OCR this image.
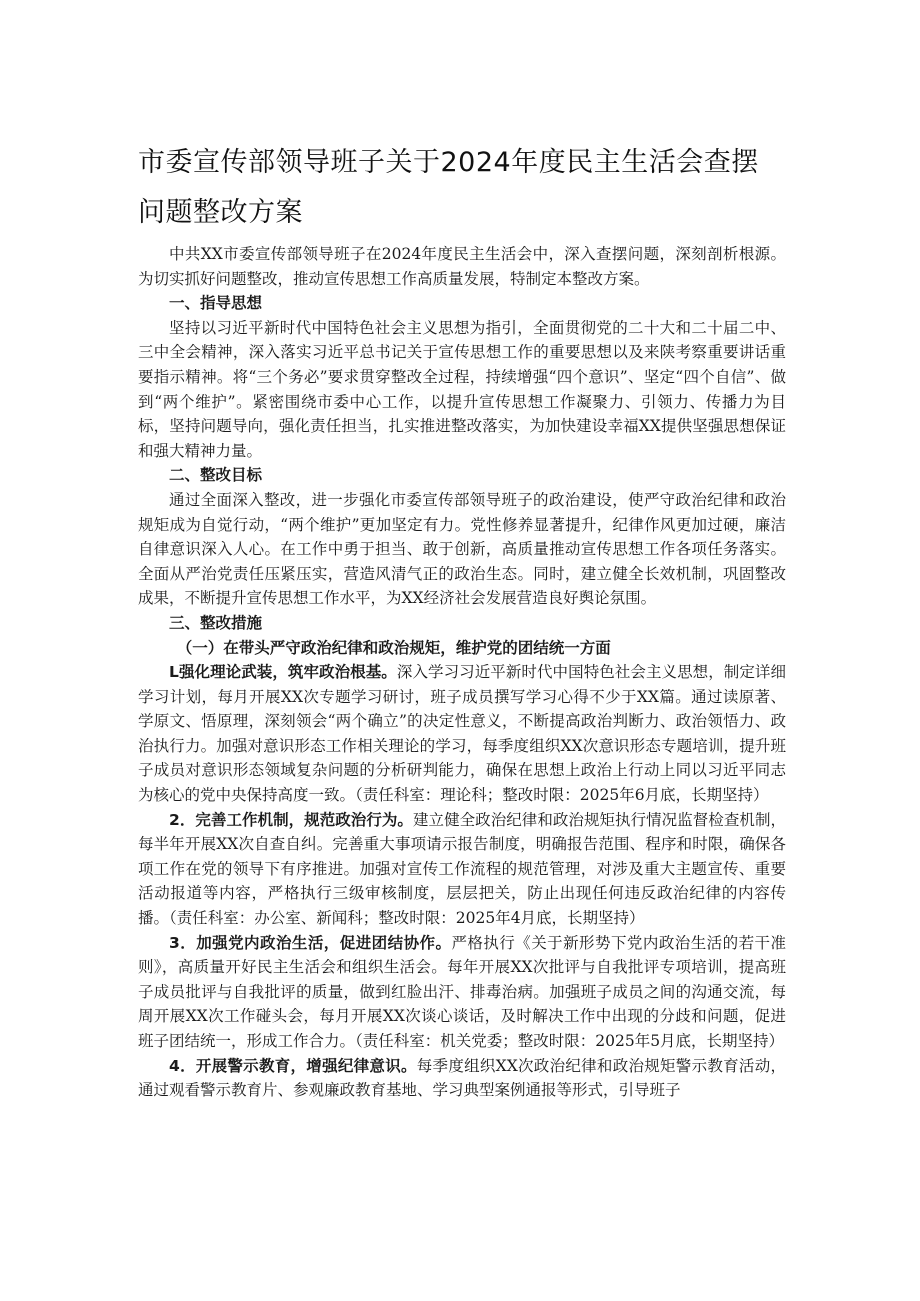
市委宣传部领导班子关于2024年度民主生活会查摆
问题整改方案

中共XX市委宣传部领导班子在2024年度民主生活会中，深入查摆问题，深刻剖析根源。为切实抓好问题整改，推动宣传思想工作高质量发展，特制定本整改方案。

一、指导思想

坚持以习近平新时代中国特色社会主义思想为指引，全面贯彻党的二十大和二十届二中、三中全会精神，深入落实习近平总书记关于宣传思想工作的重要思想以及来陕考察重要讲话重要指示精神。将“三个务必”要求贯穿整改全过程，持续增强“四个意识”、坚定“四个自信”、做到“两个维护”。紧密围绕市委中心工作，以提升宣传思想工作凝聚力、引领力、传播力为目标，坚持问题导向，强化责任担当，扎实推进整改落实，为加快建设幸福XX提供坚强思想保证和强大精神力量。

二、整改目标

通过全面深入整改，进一步强化市委宣传部领导班子的政治建设，使严守政治纪律和政治规矩成为自觉行动，“两个维护”更加坚定有力。党性修养显著提升，纪律作风更加过硬，廉洁自律意识深入人心。在工作中勇于担当、敢于创新，高质量推动宣传思想工作各项任务落实。全面从严治党责任压紧压实，营造风清气正的政治生态。同时，建立健全长效机制，巩固整改成果，不断提升宣传思想工作水平，为XX经济社会发展营造良好舆论氛围。

三、整改措施
（一）在带头严守政治纪律和政治规矩，维护党的团结统一方面

L强化理论武装，筑牢政治根基。深入学习习近平新时代中国特色社会主义思想，制定详细学习计划，每月开展XX次专题学习研讨，班子成员撰写学习心得不少于XX篇。通过读原著、学原文、悟原理，深刻领会“两个确立”的决定性意义，不断提高政治判断力、政治领悟力、政治执行力。加强对意识形态工作相关理论的学习，每季度组织XX次意识形态专题培训，提升班子成员对意识形态领域复杂问题的分析研判能力，确保在思想上政治上行动上同以习近平同志为核心的党中央保持高度一致。（责任科室：理论科；整改时限：2025年6月底，长期坚持）

2．完善工作机制，规范政治行为。建立健全政治纪律和政治规矩执行情况监督检查机制，每半年开展XX次自查自纠。完善重大事项请示报告制度，明确报告范围、程序和时限，确保各项工作在党的领导下有序推进。加强对宣传工作流程的规范管理，对涉及重大主题宣传、重要活动报道等内容，严格执行三级审核制度，层层把关，防止出现任何违反政治纪律的内容传播。（责任科室：办公室、新闻科；整改时限：2025年4月底，长期坚持）

3．加强党内政治生活，促进团结协作。严格执行《关于新形势下党内政治生活的若干准则》，高质量开好民主生活会和组织生活会。每年开展XX次批评与自我批评专项培训，提高班子成员批评与自我批评的质量，做到红脸出汗、排毒治病。加强班子成员之间的沟通交流，每周开展XX次工作碰头会，每月开展XX次谈心谈话，及时解决工作中出现的分歧和问题，促进班子团结统一，形成工作合力。（责任科室：机关党委；整改时限：2025年5月底，长期坚持）

4．开展警示教育，增强纪律意识。每季度组织XX次政治纪律和政治规矩警示教育活动，通过观看警示教育片、参观廉政教育基地、学习典型案例通报等形式，引导班子
